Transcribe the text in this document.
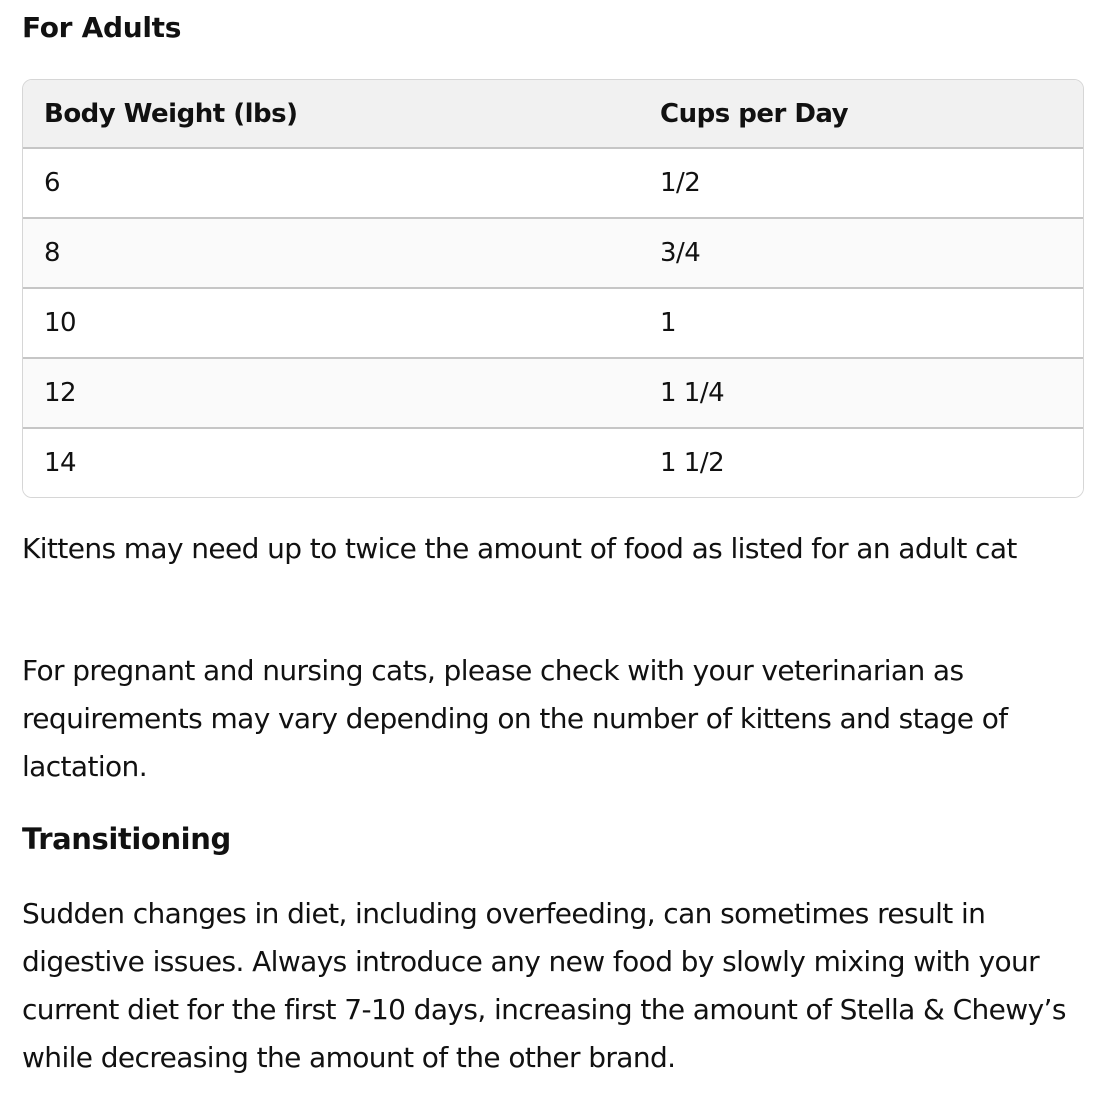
For Adults
Body Weight (lbs)	Cups per Day
6	1/2
8	3/4
10	1
12	1 1/4
14	1 1/2

Kittens may need up to twice the amount of food as listed for an adult cat

For pregnant and nursing cats, please check with your veterinarian as requirements may vary depending on the number of kittens and stage of lactation.

Transitioning

Sudden changes in diet, including overfeeding, can sometimes result in digestive issues. Always introduce any new food by slowly mixing with your current diet for the first 7-10 days, increasing the amount of Stella & Chewy’s while decreasing the amount of the other brand.
